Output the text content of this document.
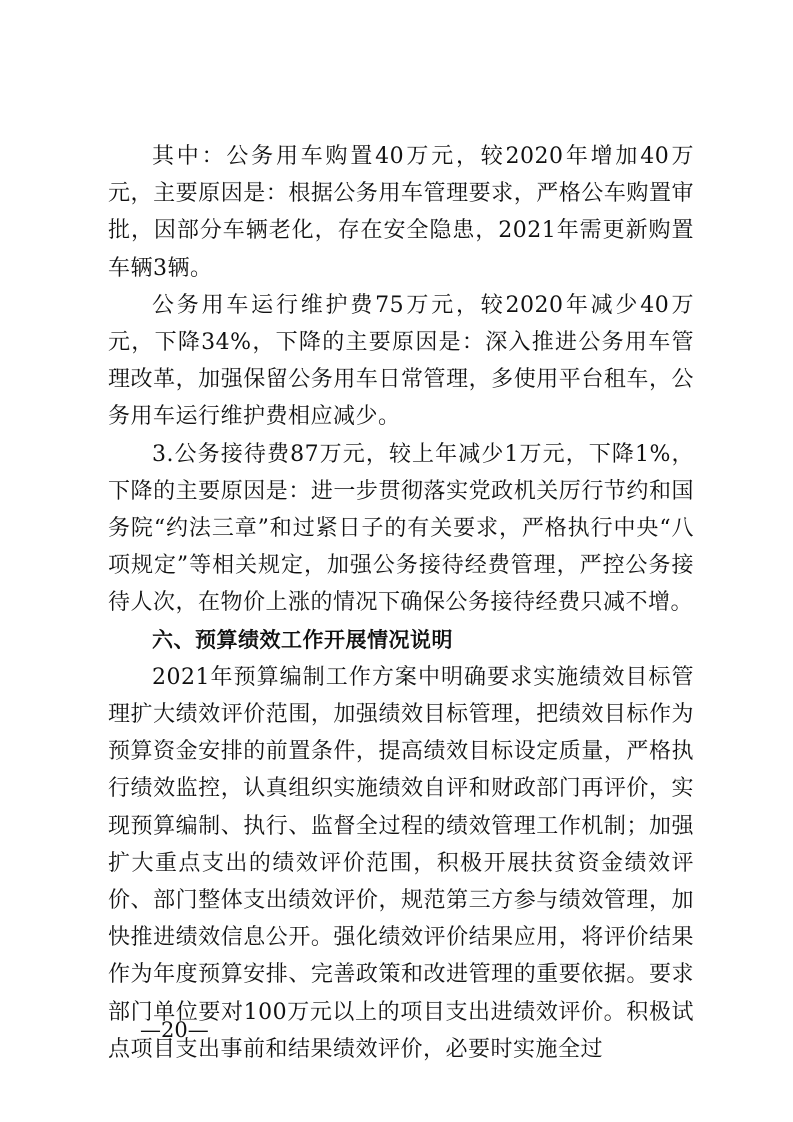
其中：公务用车购置40万元，较2020年增加40万元，主要原因是：根据公务用车管理要求，严格公车购置审批，因部分车辆老化，存在安全隐患，2021年需更新购置车辆3辆。

公务用车运行维护费75万元，较2020年减少40万元，下降34%，下降的主要原因是：深入推进公务用车管理改革，加强保留公务用车日常管理，多使用平台租车，公务用车运行维护费相应减少。

3.公务接待费87万元，较上年减少1万元，下降1%，下降的主要原因是：进一步贯彻落实党政机关厉行节约和国务院“约法三章”和过紧日子的有关要求，严格执行中央“八项规定”等相关规定，加强公务接待经费管理，严控公务接待人次，在物价上涨的情况下确保公务接待经费只减不增。

六、预算绩效工作开展情况说明

2021年预算编制工作方案中明确要求实施绩效目标管理扩大绩效评价范围，加强绩效目标管理，把绩效目标作为预算资金安排的前置条件，提高绩效目标设定质量，严格执行绩效监控，认真组织实施绩效自评和财政部门再评价，实现预算编制、执行、监督全过程的绩效管理工作机制；加强扩大重点支出的绩效评价范围，积极开展扶贫资金绩效评价、部门整体支出绩效评价，规范第三方参与绩效管理，加快推进绩效信息公开。强化绩效评价结果应用，将评价结果作为年度预算安排、完善政策和改进管理的重要依据。要求部门单位要对100万元以上的项目支出进绩效评价。积极试点项目支出事前和结果绩效评价，必要时实施全过

—20—
